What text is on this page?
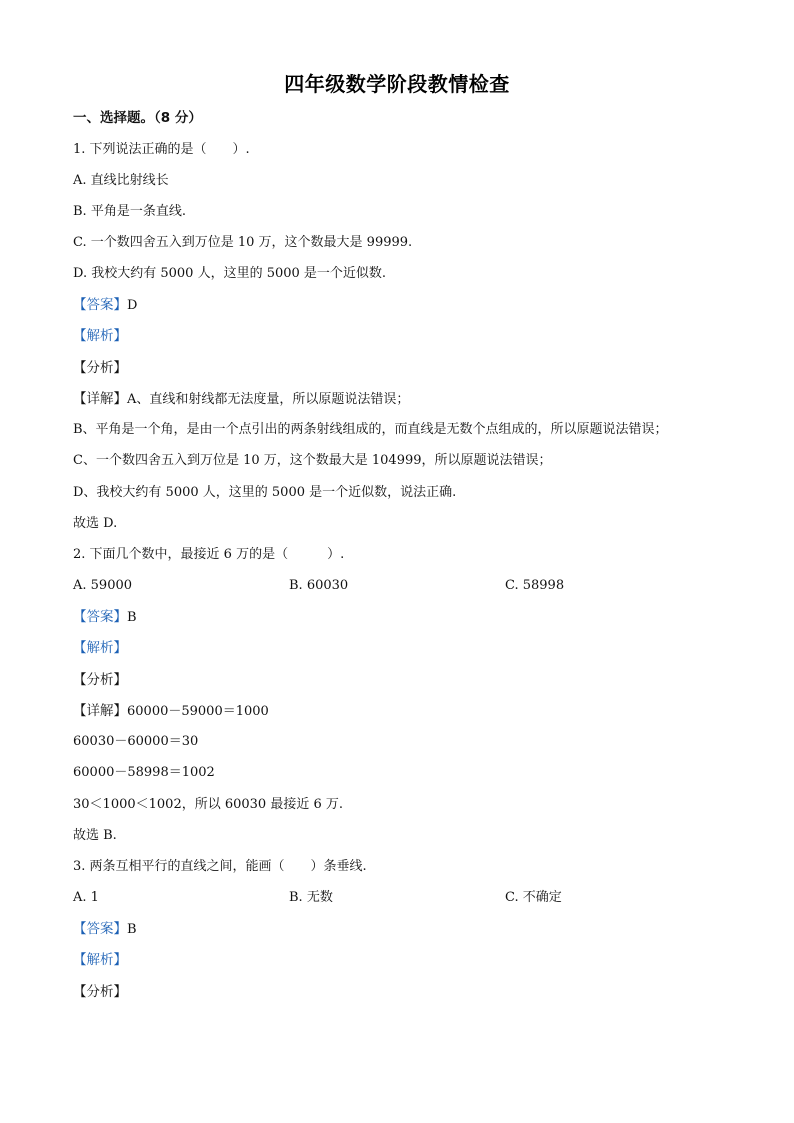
四年级数学阶段教情检查
一、选择题。（8 分）
1. 下列说法正确的是（　　）.
A. 直线比射线长
B. 平角是一条直线.
C. 一个数四舍五入到万位是 10 万，这个数最大是 99999.
D. 我校大约有 5000 人，这里的 5000 是一个近似数.
【答案】D
【解析】
【分析】
【详解】A、直线和射线都无法度量，所以原题说法错误；
B、平角是一个角，是由一个点引出的两条射线组成的，而直线是无数个点组成的，所以原题说法错误；
C、一个数四舍五入到万位是 10 万，这个数最大是 104999，所以原题说法错误；
D、我校大约有 5000 人，这里的 5000 是一个近似数，说法正确.
故选 D.
2. 下面几个数中，最接近 6 万的是（　　　）.
A. 59000	B. 60030	C. 58998
【答案】B
【解析】
【分析】
【详解】60000－59000＝1000
60030－60000＝30
60000－58998＝1002
30＜1000＜1002，所以 60030 最接近 6 万.
故选 B.
3. 两条互相平行的直线之间，能画（　　）条垂线.
A. 1	B. 无数	C. 不确定
【答案】B
【解析】
【分析】
